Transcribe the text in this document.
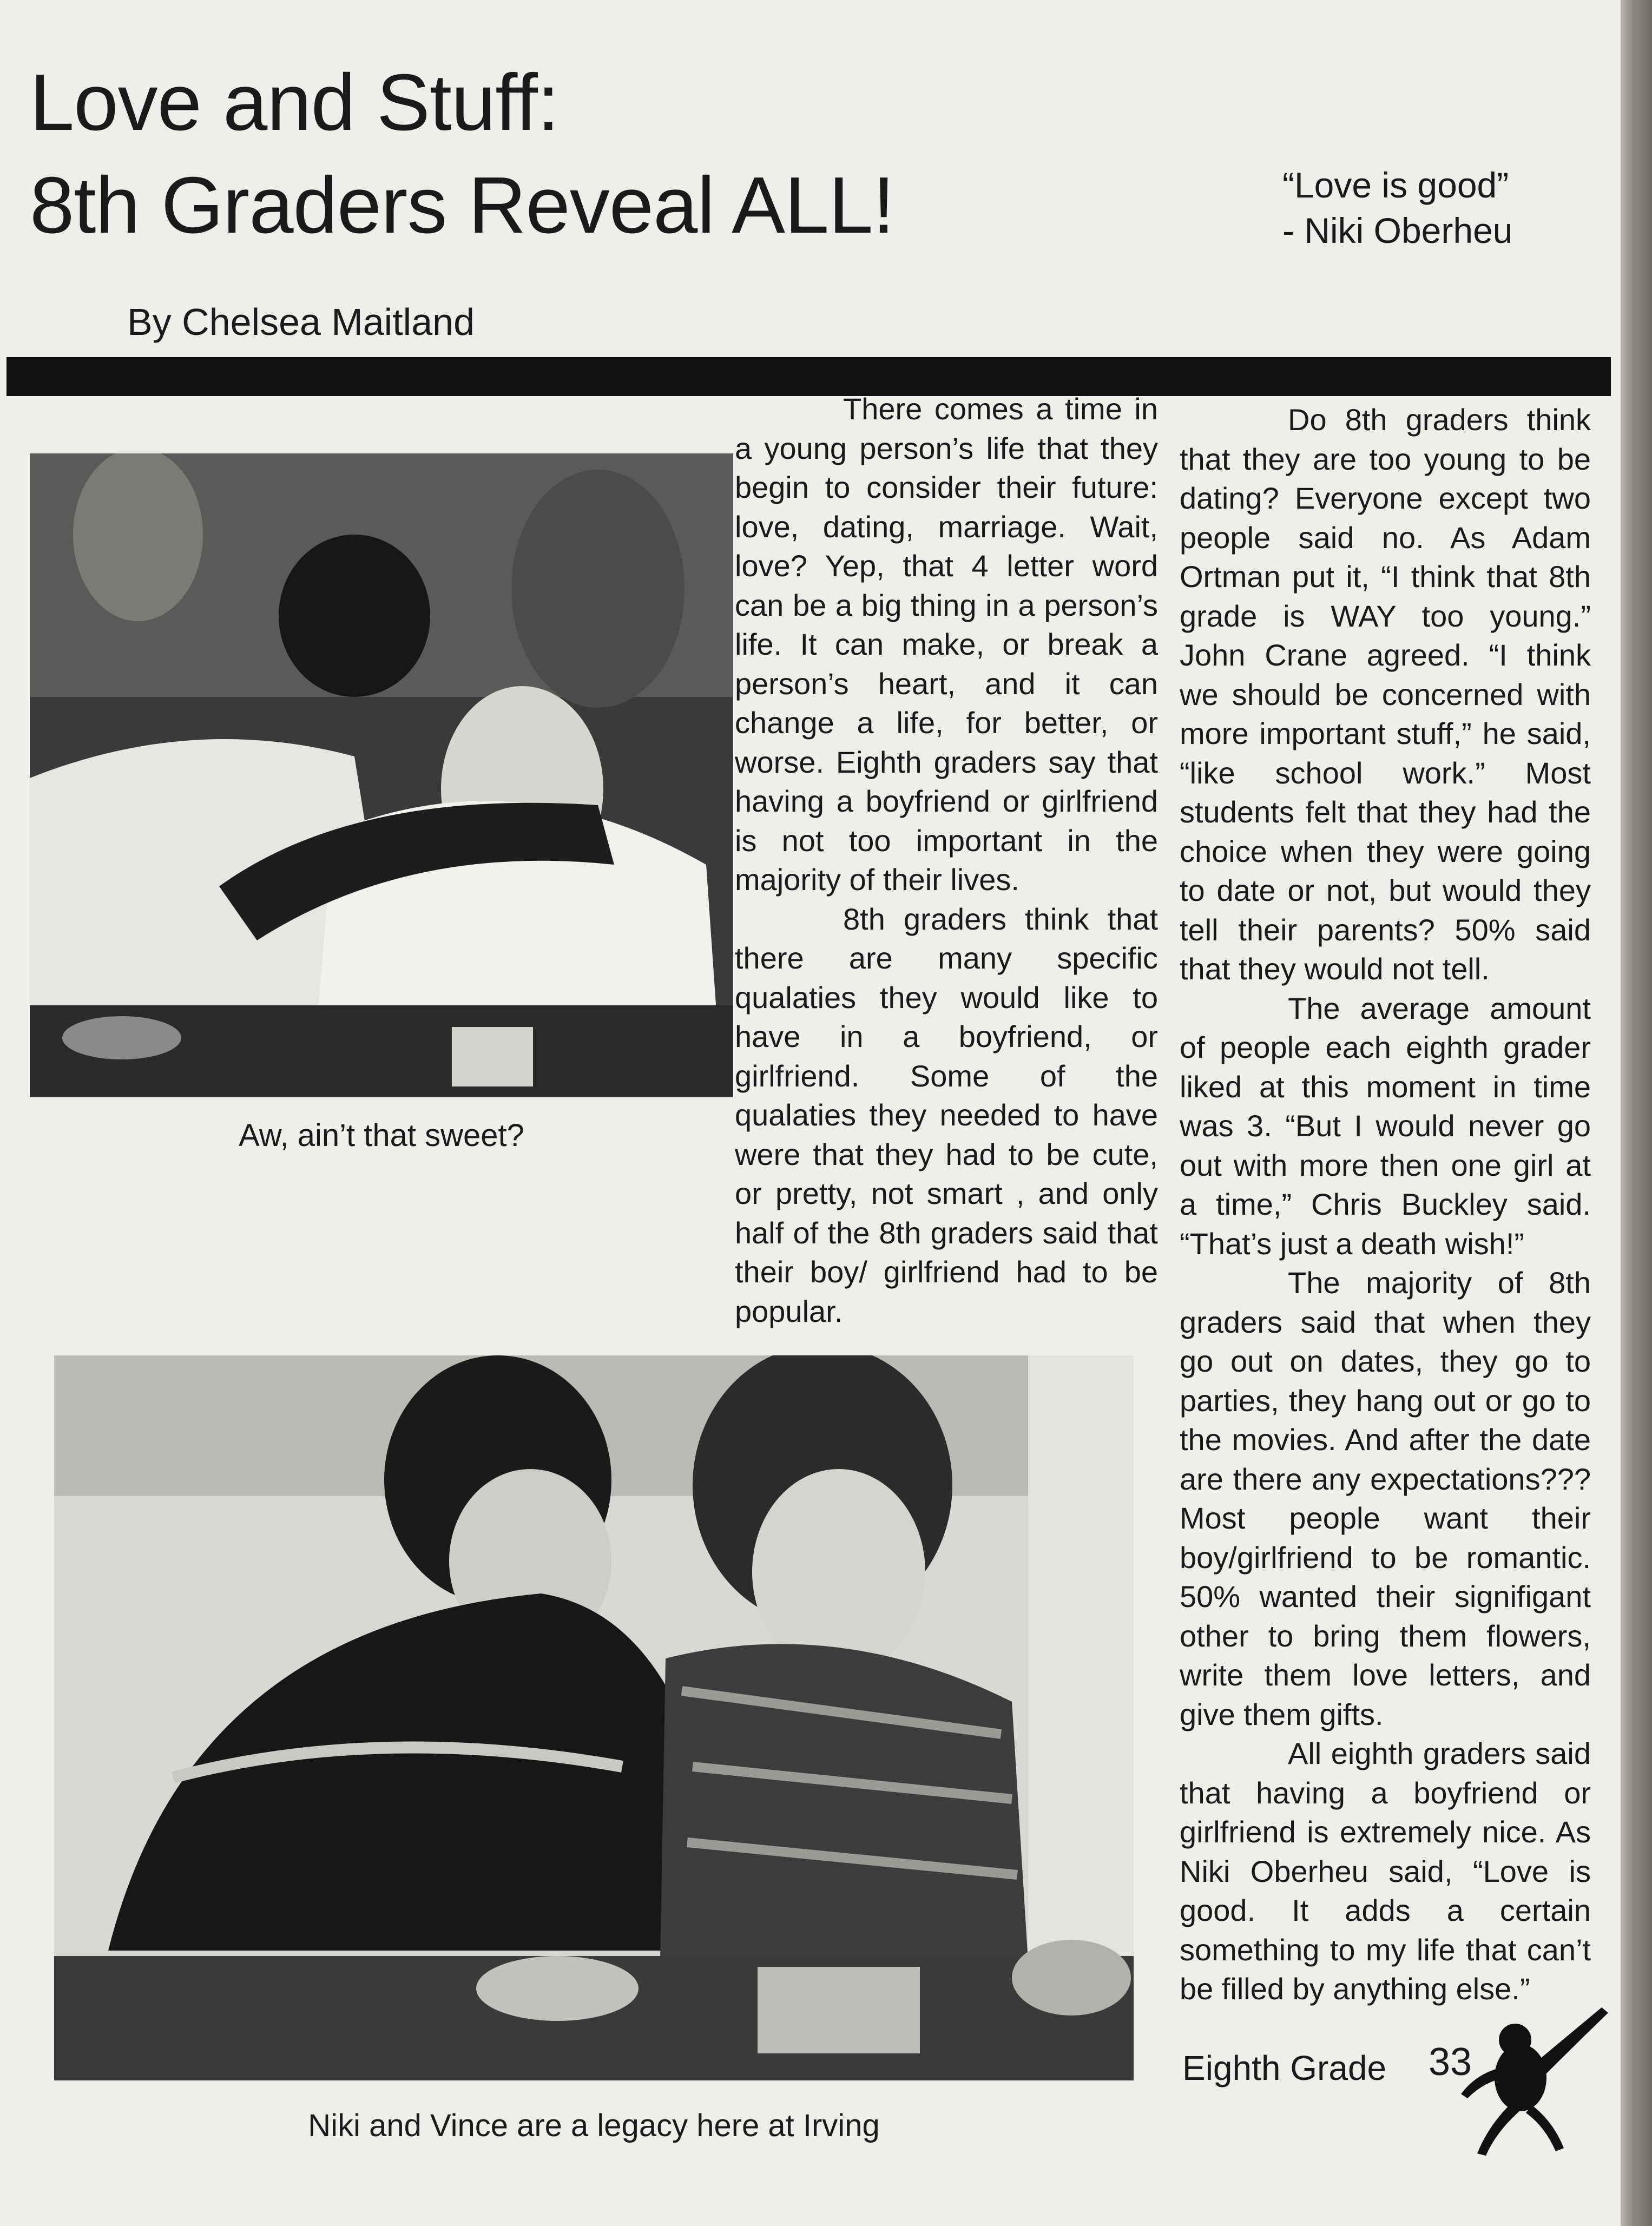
Love and Stuff:
8th Graders Reveal ALL!	“Love is good”
- Niki Oberheu
By Chelsea Maitland
Aw, ain’t that sweet?
Niki and Vince are a legacy here at Irving

There comes a time in a young person’s life that they begin to consider their future: love, dating, marriage. Wait, love? Yep, that 4 letter word can be a big thing in a person’s life. It can make, or break a person’s heart, and it can change a life, for better, or worse. Eighth graders say that having a boyfriend or girlfriend is not too important in the majority of their lives.

8th graders think that there are many specific qualaties they would like to have in a boyfriend, or girlfriend. Some of the qualaties they needed to have were that they had to be cute, or pretty, not smart , and only half of the 8th graders said that their boy/ girlfriend had to be popular.

Do 8th graders think that they are too young to be dating? Everyone except two people said no. As Adam Ortman put it, “I think that 8th grade is WAY too young.” John Crane agreed. “I think we should be concerned with more important stuff,” he said, “like school work.” Most students felt that they had the choice when they were going to date or not, but would they tell their parents? 50% said that they would not tell.

The average amount of people each eighth grader liked at this moment in time was 3. “But I would never go out with more then one girl at a time,” Chris Buckley said. “That’s just a death wish!”

The majority of 8th graders said that when they go out on dates, they go to parties, they hang out or go to the movies. And after the date are there any expectations??? Most people want their boy/girlfriend to be romantic. 50% wanted their signifigant other to bring them flowers, write them love letters, and give them gifts.

All eighth graders said that having a boyfriend or girlfriend is extremely nice. As Niki Oberheu said, “Love is good. It adds a certain something to my life that can’t be filled by anything else.”

Eighth Grade 33
